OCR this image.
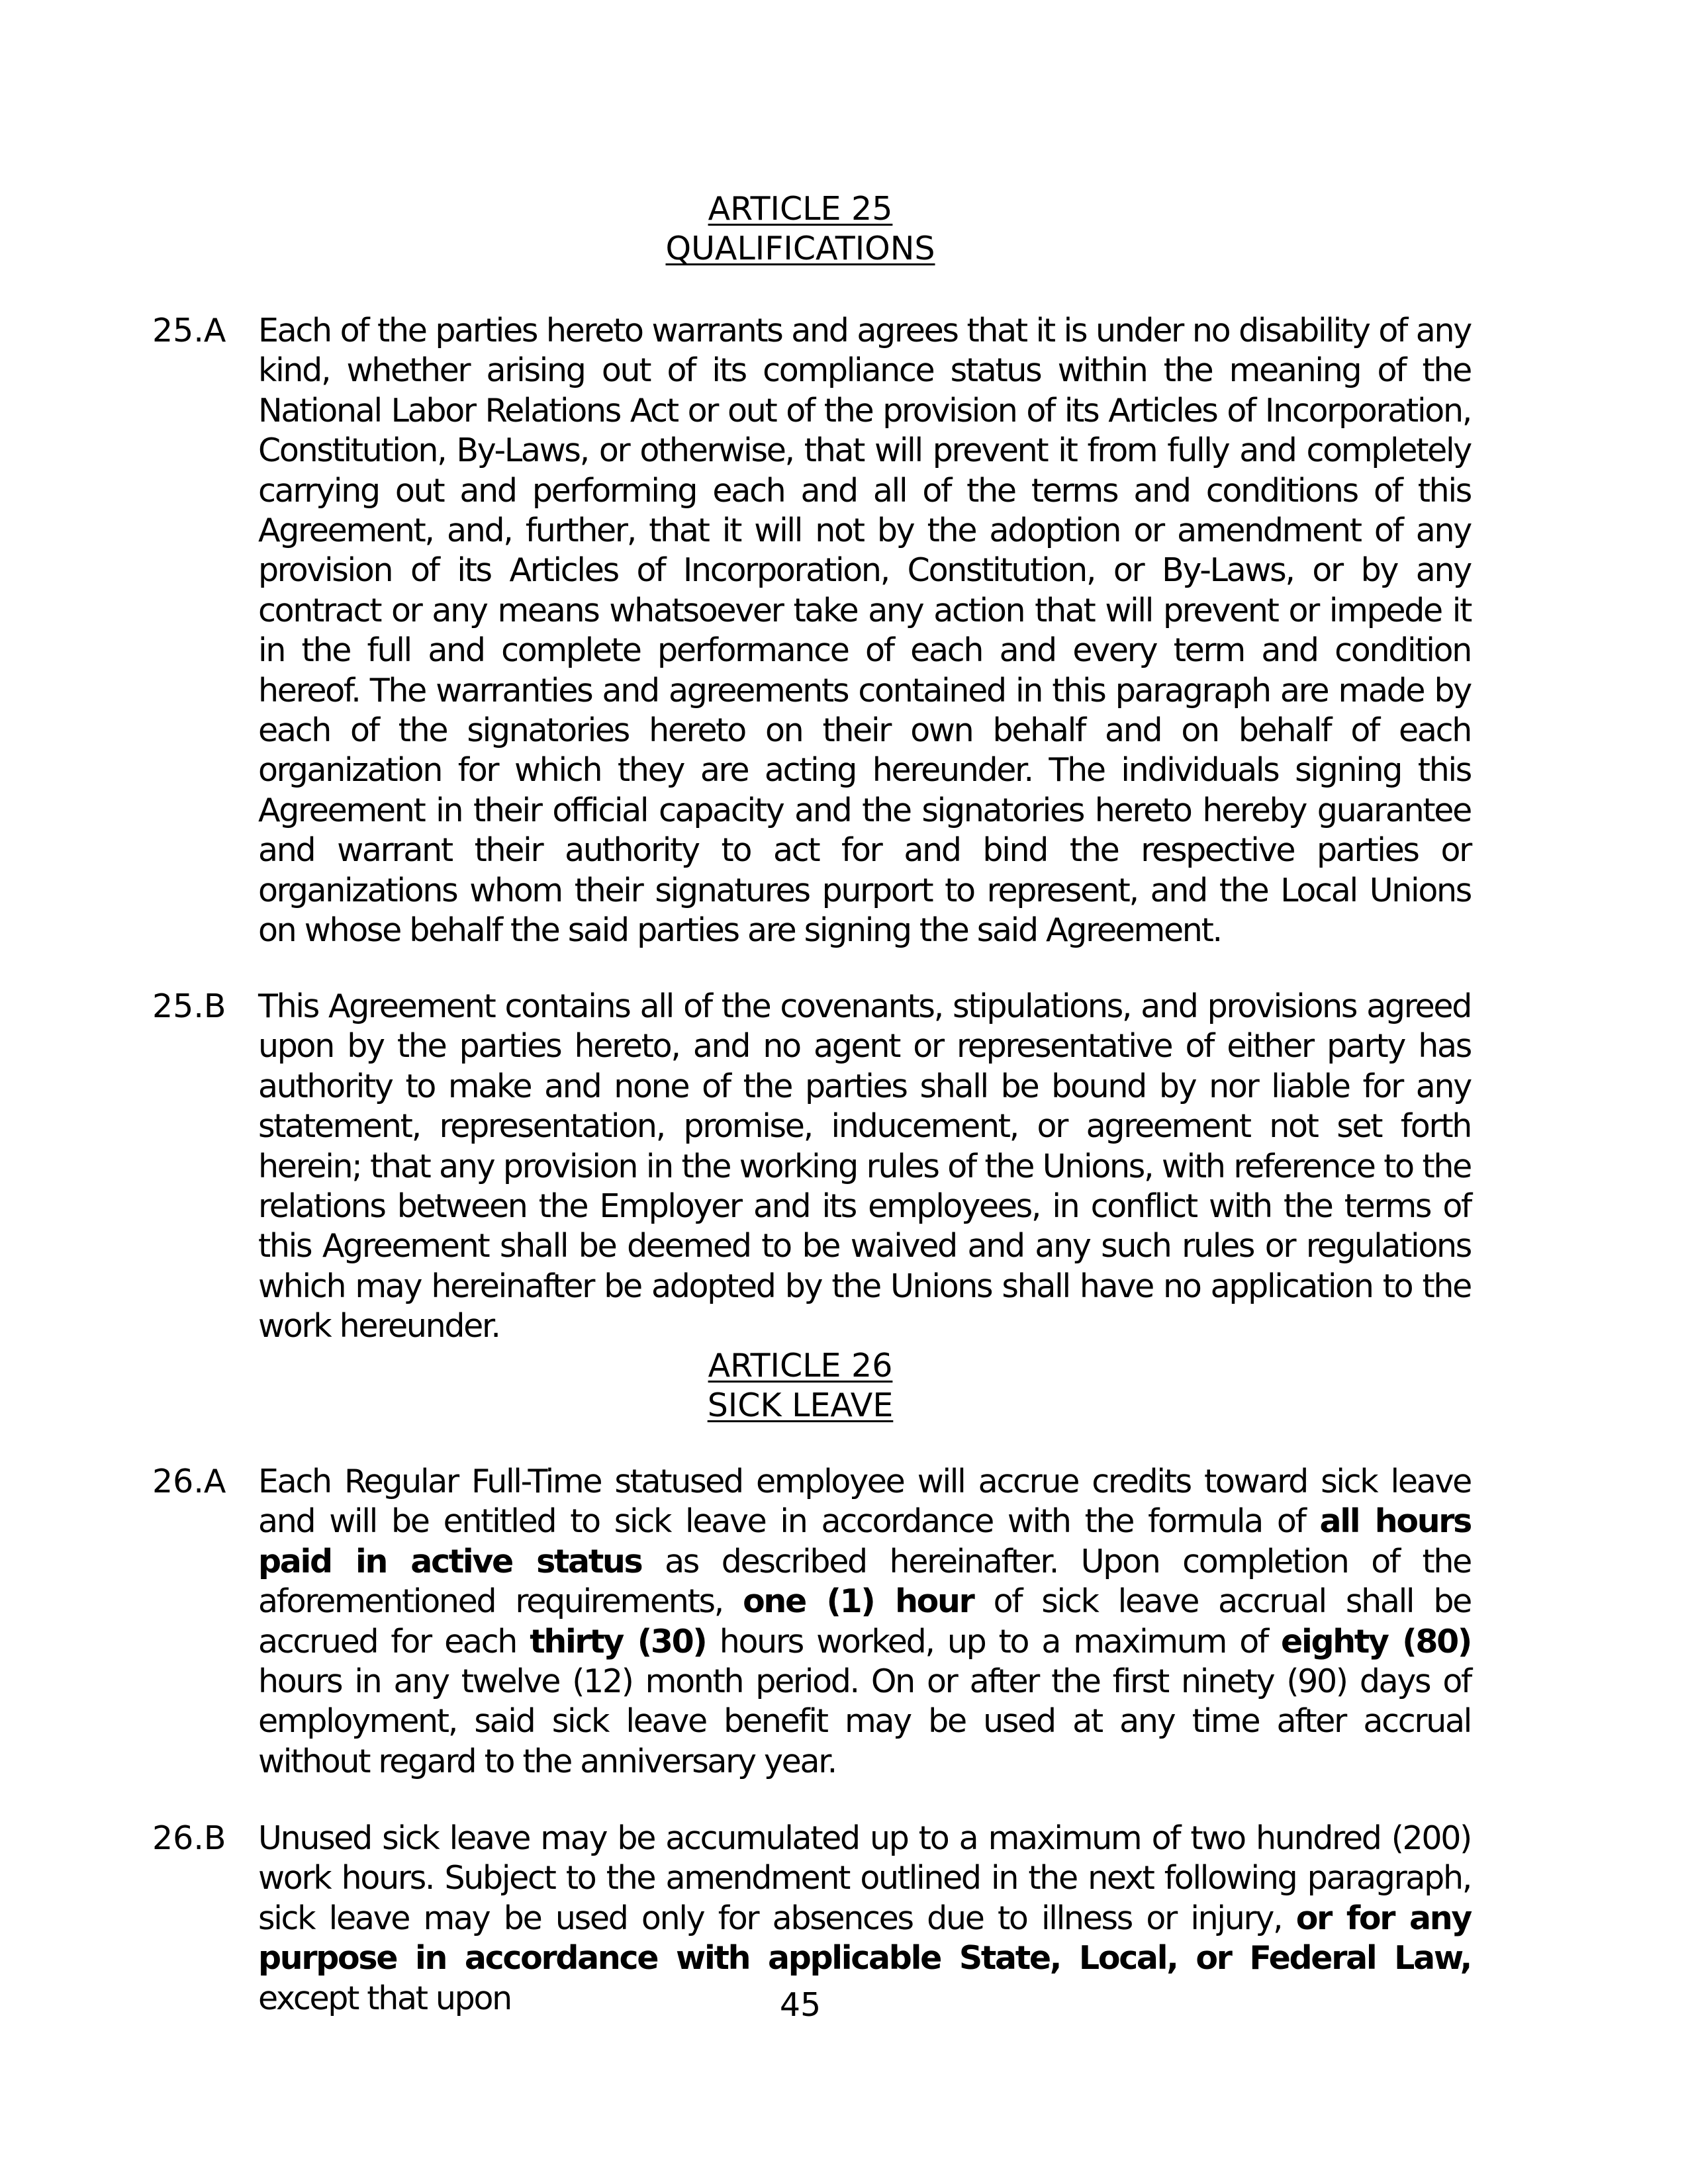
ARTICLE 25
QUALIFICATIONS
25.A Each of the parties hereto warrants and agrees that it is under no disability of any kind, whether arising out of its compliance status within the meaning of the National Labor Relations Act or out of the provision of its Articles of Incorporation, Constitution, By-Laws, or otherwise, that will prevent it from fully and completely carrying out and performing each and all of the terms and conditions of this Agreement, and, further, that it will not by the adoption or amendment of any provision of its Articles of Incorporation, Constitution, or By-Laws, or by any contract or any means whatsoever take any action that will prevent or impede it in the full and complete performance of each and every term and condition hereof. The warranties and agreements contained in this paragraph are made by each of the signatories hereto on their own behalf and on behalf of each organization for which they are acting hereunder. The individuals signing this Agreement in their official capacity and the signatories hereto hereby guarantee and warrant their authority to act for and bind the respective parties or organizations whom their signatures purport to represent, and the Local Unions on whose behalf the said parties are signing the said Agreement.
25.B This Agreement contains all of the covenants, stipulations, and provisions agreed upon by the parties hereto, and no agent or representative of either party has authority to make and none of the parties shall be bound by nor liable for any statement, representation, promise, inducement, or agreement not set forth herein; that any provision in the working rules of the Unions, with reference to the relations between the Employer and its employees, in conflict with the terms of this Agreement shall be deemed to be waived and any such rules or regulations which may hereinafter be adopted by the Unions shall have no application to the work hereunder.
ARTICLE 26
SICK LEAVE
26.A Each Regular Full-Time statused employee will accrue credits toward sick leave and will be entitled to sick leave in accordance with the formula of all hours paid in active status as described hereinafter. Upon completion of the aforementioned requirements, one (1) hour of sick leave accrual shall be accrued for each thirty (30) hours worked, up to a maximum of eighty (80) hours in any twelve (12) month period. On or after the first ninety (90) days of employment, said sick leave benefit may be used at any time after accrual without regard to the anniversary year.
26.B Unused sick leave may be accumulated up to a maximum of two hundred (200) work hours. Subject to the amendment outlined in the next following paragraph, sick leave may be used only for absences due to illness or injury, or for any purpose in accordance with applicable State, Local, or Federal Law, except that upon	45
